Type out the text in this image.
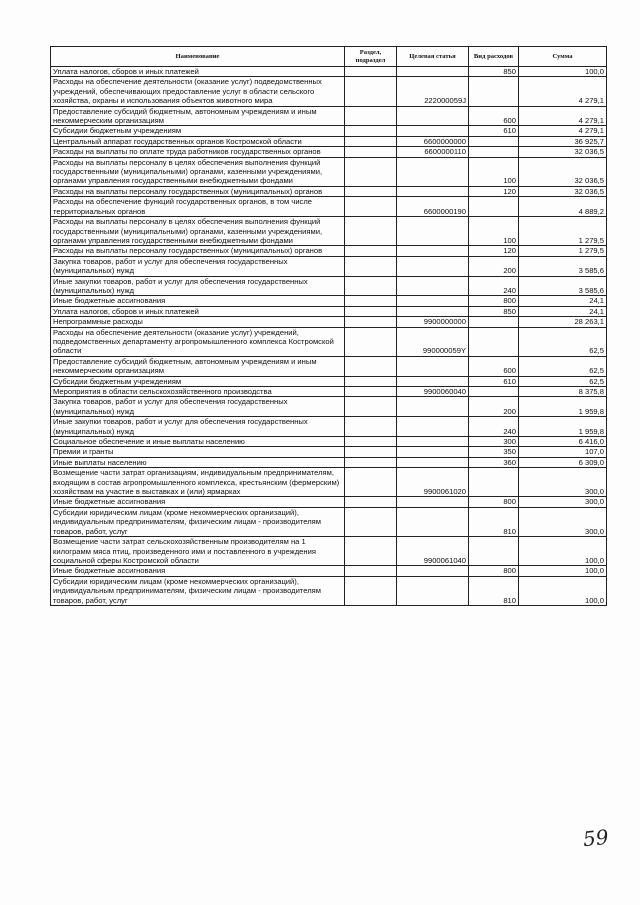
Наименование	Раздел, подраздел	Целевая статья	Вид расходов	Сумма
Уплата налогов, сборов и иных платежей			850	100,0
Расходы на обеспечение деятельности (оказание услуг) подведомственных учреждений, обеспечивающих предоставление услуг в области сельского хозяйства, охраны и использования объектов животного мира		222000059J		4 279,1
Предоставление субсидий бюджетным, автономным учреждениям и иным некоммерческим организациям			600	4 279,1
Субсидии бюджетным учреждениям			610	4 279,1
Центральный аппарат государственных органов Костромской области		6600000000		36 925,7
Расходы на выплаты по оплате труда работников государственных органов		6600000110		32 036,5
Расходы на выплаты персоналу в целях обеспечения выполнения функций государственными (муниципальными) органами, казенными учреждениями, органами управления государственными внебюджетными фондами			100	32 036,5
Расходы на выплаты персоналу государственных (муниципальных) органов			120	32 036,5
Расходы на обеспечение функций государственных органов, в том числе территориальных органов		6600000190		4 889,2
Расходы на выплаты персоналу в целях обеспечения выполнения функций государственными (муниципальными) органами, казенными учреждениями, органами управления государственными внебюджетными фондами			100	1 279,5
Расходы на выплаты персоналу государственных (муниципальных) органов			120	1 279,5
Закупка товаров, работ и услуг для обеспечения государственных (муниципальных) нужд			200	3 585,6
Иные закупки товаров, работ и услуг для обеспечения государственных (муниципальных) нужд			240	3 585,6
Иные бюджетные ассигнования			800	24,1
Уплата налогов, сборов и иных платежей			850	24,1
Непрограммные расходы		9900000000		28 263,1
Расходы на обеспечение деятельности (оказание услуг) учреждений, подведомственных департаменту агропромышленного комплекса Костромской области		990000059Y		62,5
Предоставление субсидий бюджетным, автономным учреждениям и иным некоммерческим организациям			600	62,5
Субсидии бюджетным учреждениям			610	62,5
Мероприятия в области сельскохозяйственного производства		9900060040		8 375,8
Закупка товаров, работ и услуг для обеспечения государственных (муниципальных) нужд			200	1 959,8
Иные закупки товаров, работ и услуг для обеспечения государственных (муниципальных) нужд			240	1 959,8
Социальное обеспечение и иные выплаты населению			300	6 416,0
Премии и гранты			350	107,0
Иные выплаты населению			360	6 309,0
Возмещение части затрат организациям, индивидуальным предпринимателям, входящим в состав агропромышленного комплекса, крестьянским (фермерским) хозяйствам на участие в выставках и (или) ярмарках		9900061020		300,0
Иные бюджетные ассигнования			800	300,0
Субсидии юридическим лицам (кроме некоммерческих организаций), индивидуальным предпринимателям, физическим лицам - производителям товаров, работ, услуг			810	300,0
Возмещение части затрат сельскохозяйственным производителям на 1 килограмм мяса птиц, произведенного ими и поставленного в учреждения социальной сферы Костромской области		9900061040		100,0
Иные бюджетные ассигнования			800	100,0
Субсидии юридическим лицам (кроме некоммерческих организаций), индивидуальным предпринимателям, физическим лицам - производителям товаров, работ, услуг			810	100,0
59
